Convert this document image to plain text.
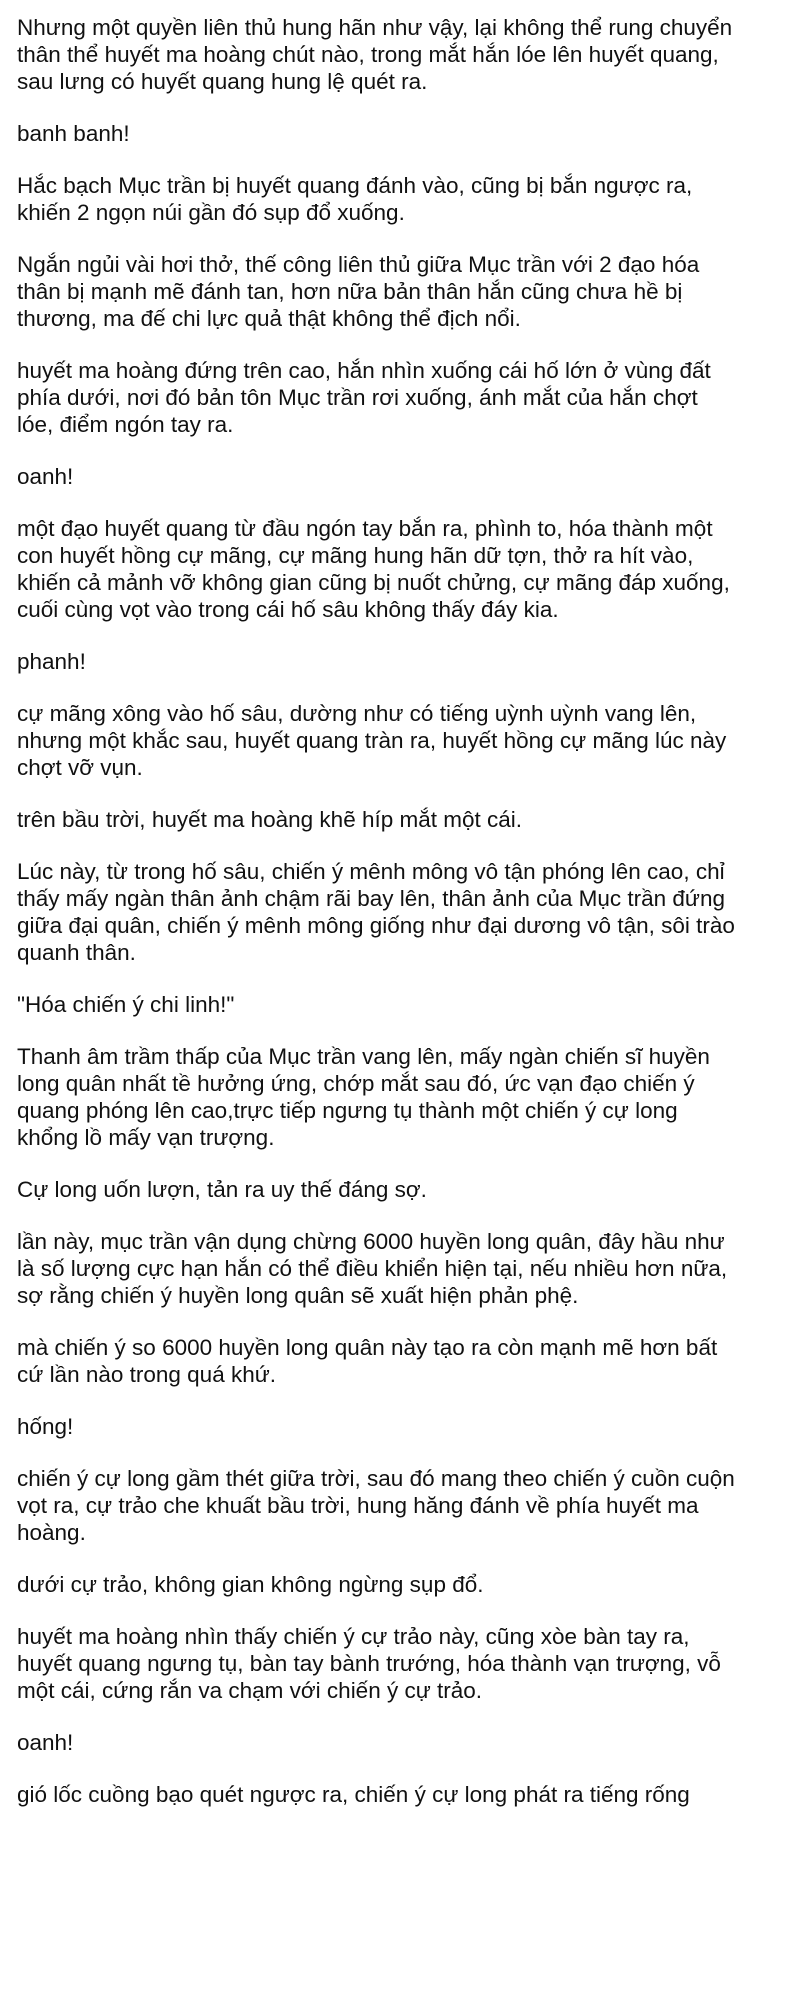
Nhưng một quyền liên thủ hung hãn như vậy, lại không thể rung chuyển
thân thể huyết ma hoàng chút nào, trong mắt hắn lóe lên huyết quang,
sau lưng có huyết quang hung lệ quét ra.

banh banh!

Hắc bạch Mục trần bị huyết quang đánh vào, cũng bị bắn ngược ra,
khiến 2 ngọn núi gần đó sụp đổ xuống.

Ngắn ngủi vài hơi thở, thế công liên thủ giữa Mục trần với 2 đạo hóa
thân bị mạnh mẽ đánh tan, hơn nữa bản thân hắn cũng chưa hề bị
thương, ma đế chi lực quả thật không thể địch nổi.

huyết ma hoàng đứng trên cao, hắn nhìn xuống cái hố lớn ở vùng đất
phía dưới, nơi đó bản tôn Mục trần rơi xuống, ánh mắt của hắn chợt
lóe, điểm ngón tay ra.

oanh!

một đạo huyết quang từ đầu ngón tay bắn ra, phình to, hóa thành một
con huyết hồng cự mãng, cự mãng hung hãn dữ tợn, thở ra hít vào,
khiến cả mảnh vỡ không gian cũng bị nuốt chửng, cự mãng đáp xuống,
cuối cùng vọt vào trong cái hố sâu không thấy đáy kia.

phanh!

cự mãng xông vào hố sâu, dường như có tiếng uỳnh uỳnh vang lên,
nhưng một khắc sau, huyết quang tràn ra, huyết hồng cự mãng lúc này
chợt vỡ vụn.

trên bầu trời, huyết ma hoàng khẽ híp mắt một cái.

Lúc này, từ trong hố sâu, chiến ý mênh mông vô tận phóng lên cao, chỉ
thấy mấy ngàn thân ảnh chậm rãi bay lên, thân ảnh của Mục trần đứng
giữa đại quân, chiến ý mênh mông giống như đại dương vô tận, sôi trào
quanh thân.

"Hóa chiến ý chi linh!"

Thanh âm trầm thấp của Mục trần vang lên, mấy ngàn chiến sĩ huyền
long quân nhất tề hưởng ứng, chớp mắt sau đó, ức vạn đạo chiến ý
quang phóng lên cao,trực tiếp ngưng tụ thành một chiến ý cự long
khổng lồ mấy vạn trượng.

Cự long uốn lượn, tản ra uy thế đáng sợ.

lần này, mục trần vận dụng chừng 6000 huyền long quân, đây hầu như
là số lượng cực hạn hắn có thể điều khiển hiện tại, nếu nhiều hơn nữa,
sợ rằng chiến ý huyền long quân sẽ xuất hiện phản phệ.

mà chiến ý so 6000 huyền long quân này tạo ra còn mạnh mẽ hơn bất
cứ lần nào trong quá khứ.

hống!

chiến ý cự long gầm thét giữa trời, sau đó mang theo chiến ý cuồn cuộn
vọt ra, cự trảo che khuất bầu trời, hung hăng đánh về phía huyết ma
hoàng.

dưới cự trảo, không gian không ngừng sụp đổ.

huyết ma hoàng nhìn thấy chiến ý cự trảo này, cũng xòe bàn tay ra,
huyết quang ngưng tụ, bàn tay bành trướng, hóa thành vạn trượng, vỗ
một cái, cứng rắn va chạm với chiến ý cự trảo.

oanh!

gió lốc cuồng bạo quét ngược ra, chiến ý cự long phát ra tiếng rống
